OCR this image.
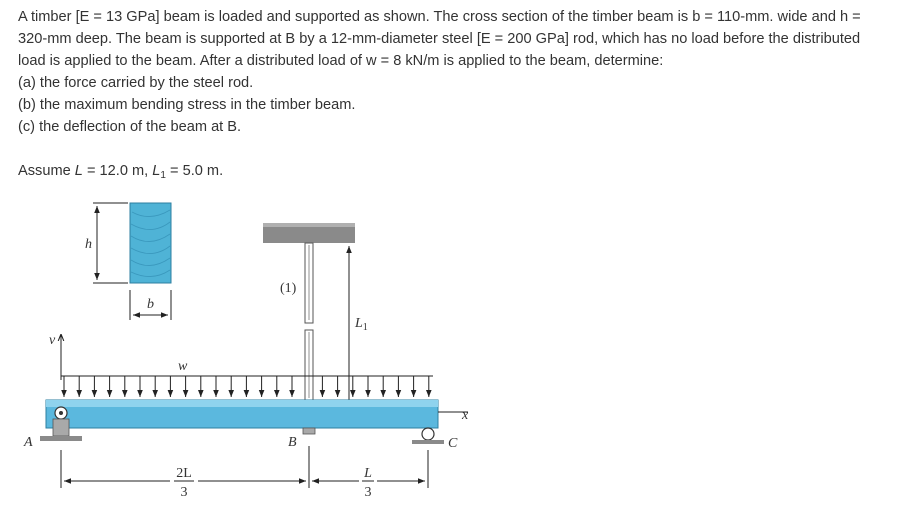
A timber [E = 13 GPa] beam is loaded and supported as shown. The cross section of the timber beam is b = 110-mm. wide and h =

320-mm deep. The beam is supported at B by a 12-mm-diameter steel [E = 200 GPa] rod, which has no load before the distributed

load is applied to the beam. After a distributed load of w = 8 kN/m is applied to the beam, determine:

(a) the force carried by the steel rod.

(b) the maximum bending stress in the timber beam.

(c) the deflection of the beam at B.

Assume L = 12.0 m, $L_1 = 5.0$ m.

h
b
(1)
$L_1$
v
w
x
B
A	C
2L
3
L
3
